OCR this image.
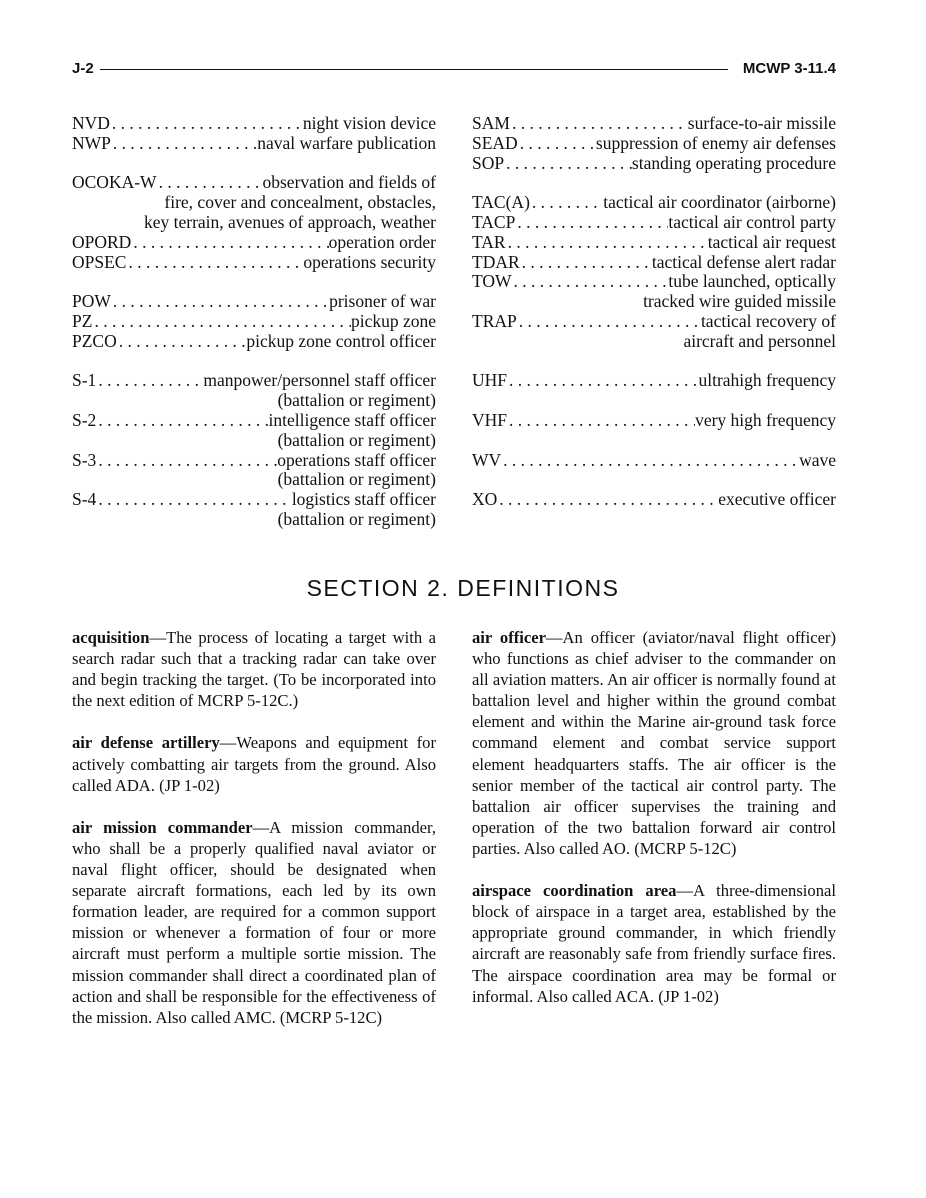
J-2	MCWP 3-11.4
NVD . . .	night vision device
NWP . . .	naval warfare publication
OCOKA-W . . .	observation and fields of
fire, cover and concealment, obstacles,
key terrain, avenues of approach, weather
OPORD . . .	operation order
OPSEC . . .	operations security
POW . . .	prisoner of war
PZ . . .	pickup zone
PZCO . . .	pickup zone control officer
S-1 . . .	manpower/personnel staff officer
(battalion or regiment)
S-2 . . .	intelligence staff officer
(battalion or regiment)
S-3 . . .	operations staff officer
(battalion or regiment)
S-4 . . .	logistics staff officer
(battalion or regiment)
SAM . . .	surface-to-air missile
SEAD . . .	suppression of enemy air defenses
SOP . . .	standing operating procedure
TAC(A) . . .	tactical air coordinator (airborne)
TACP . . .	tactical air control party
TAR . . .	tactical air request
TDAR . . .	tactical defense alert radar
TOW . . .	tube launched, optically
tracked wire guided missile
TRAP . . .	tactical recovery of
aircraft and personnel
UHF . . .	ultrahigh frequency
VHF . . .	very high frequency
WV . . .	wave
XO . . .	executive officer
SECTION 2. DEFINITIONS

acquisition—The process of locating a target with a search radar such that a tracking radar can take over and begin tracking the target. (To be incorporated into the next edition of MCRP 5-12C.)

air defense artillery—Weapons and equipment for actively combatting air targets from the ground. Also called ADA. (JP 1-02)

air mission commander—A mission commander, who shall be a properly qualified naval aviator or naval flight officer, should be designated when separate aircraft formations, each led by its own formation leader, are required for a common support mission or whenever a formation of four or more aircraft must perform a multiple sortie mission. The mission commander shall direct a coordinated plan of action and shall be responsible for the effectiveness of the mission. Also called AMC. (MCRP 5-12C)

air officer—An officer (aviator/naval flight officer) who functions as chief adviser to the commander on all aviation matters. An air officer is normally found at battalion level and higher within the ground combat element and within the Marine air-ground task force command element and combat service support element headquarters staffs. The air officer is the senior member of the tactical air control party. The battalion air officer supervises the training and operation of the two battalion forward air control parties. Also called AO. (MCRP 5-12C)

airspace coordination area—A three-dimensional block of airspace in a target area, established by the appropriate ground commander, in which friendly aircraft are reasonably safe from friendly surface fires. The airspace coordination area may be formal or informal. Also called ACA. (JP 1-02)
